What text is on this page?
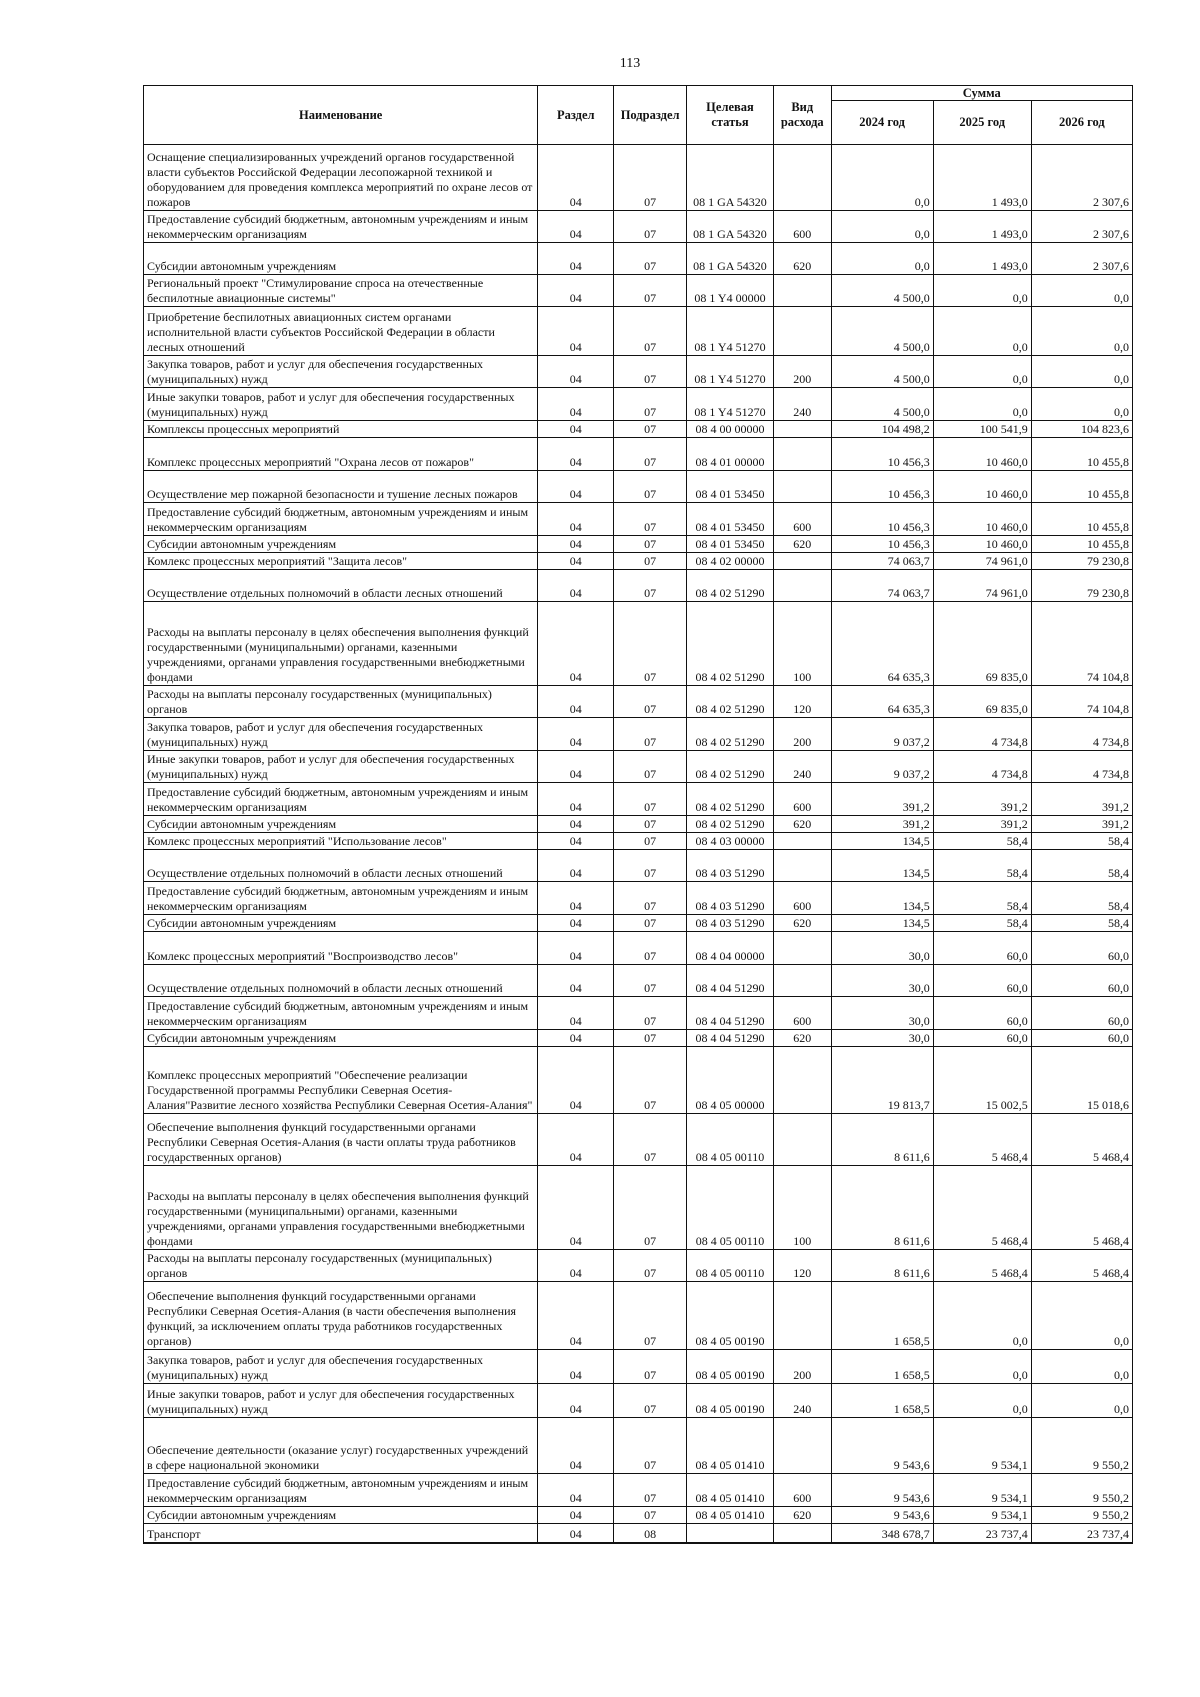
113
Наименование	Раздел	Подраздел	Целевая статья	Вид расхода	Сумма		
					2024 год	2025 год	2026 год
Оснащение специализированных учреждений органов государственной власти субъектов Российской Федерации лесопожарной техникой и оборудованием для проведения комплекса мероприятий по охране лесов от пожаров	04	07	08 1 GA 54320		0,0	1 493,0	2 307,6
Предоставление субсидий бюджетным, автономным учреждениям и иным некоммерческим организациям	04	07	08 1 GA 54320	600	0,0	1 493,0	2 307,6
Субсидии автономным учреждениям	04	07	08 1 GA 54320	620	0,0	1 493,0	2 307,6
Региональный проект "Стимулирование спроса на отечественные беспилотные авиационные системы"	04	07	08 1 Y4 00000		4 500,0	0,0	0,0
Приобретение беспилотных авиационных систем органами исполнительной власти субъектов Российской Федерации в области лесных отношений	04	07	08 1 Y4 51270		4 500,0	0,0	0,0
Закупка товаров, работ и услуг для обеспечения государственных (муниципальных) нужд	04	07	08 1 Y4 51270	200	4 500,0	0,0	0,0
Иные закупки товаров, работ и услуг для обеспечения государственных (муниципальных) нужд	04	07	08 1 Y4 51270	240	4 500,0	0,0	0,0
Комплексы процессных мероприятий	04	07	08 4 00 00000		104 498,2	100 541,9	104 823,6
Комплекс процессных мероприятий "Охрана лесов от пожаров"	04	07	08 4 01 00000		10 456,3	10 460,0	10 455,8
Осуществление мер пожарной безопасности и тушение лесных пожаров	04	07	08 4 01 53450		10 456,3	10 460,0	10 455,8
Предоставление субсидий бюджетным, автономным учреждениям и иным некоммерческим организациям	04	07	08 4 01 53450	600	10 456,3	10 460,0	10 455,8
Субсидии автономным учреждениям	04	07	08 4 01 53450	620	10 456,3	10 460,0	10 455,8
Комлекс процессных мероприятий "Защита лесов"	04	07	08 4 02 00000		74 063,7	74 961,0	79 230,8
Осуществление отдельных полномочий в области лесных отношений	04	07	08 4 02 51290		74 063,7	74 961,0	79 230,8
Расходы на выплаты персоналу в целях обеспечения выполнения функций государственными (муниципальными) органами, казенными учреждениями, органами управления государственными внебюджетными фондами	04	07	08 4 02 51290	100	64 635,3	69 835,0	74 104,8
Расходы на выплаты персоналу государственных (муниципальных) органов	04	07	08 4 02 51290	120	64 635,3	69 835,0	74 104,8
Закупка товаров, работ и услуг для обеспечения государственных (муниципальных) нужд	04	07	08 4 02 51290	200	9 037,2	4 734,8	4 734,8
Иные закупки товаров, работ и услуг для обеспечения государственных (муниципальных) нужд	04	07	08 4 02 51290	240	9 037,2	4 734,8	4 734,8
Предоставление субсидий бюджетным, автономным учреждениям и иным некоммерческим организациям	04	07	08 4 02 51290	600	391,2	391,2	391,2
Субсидии автономным учреждениям	04	07	08 4 02 51290	620	391,2	391,2	391,2
Комлекс процессных мероприятий "Использование лесов"	04	07	08 4 03 00000		134,5	58,4	58,4
Осуществление отдельных полномочий в области лесных отношений	04	07	08 4 03 51290		134,5	58,4	58,4
Предоставление субсидий бюджетным, автономным учреждениям и иным некоммерческим организациям	04	07	08 4 03 51290	600	134,5	58,4	58,4
Субсидии автономным учреждениям	04	07	08 4 03 51290	620	134,5	58,4	58,4
Комлекс процессных мероприятий "Воспроизводство лесов"	04	07	08 4 04 00000		30,0	60,0	60,0
Осуществление отдельных полномочий в области лесных отношений	04	07	08 4 04 51290		30,0	60,0	60,0
Предоставление субсидий бюджетным, автономным учреждениям и иным некоммерческим организациям	04	07	08 4 04 51290	600	30,0	60,0	60,0
Субсидии автономным учреждениям	04	07	08 4 04 51290	620	30,0	60,0	60,0
Комплекс процессных мероприятий "Обеспечение реализации Государственной программы Республики Северная Осетия-Алания"Развитие лесного хозяйства Республики Северная Осетия-Алания"	04	07	08 4 05 00000		19 813,7	15 002,5	15 018,6
Обеспечение выполнения функций государственными органами Республики Северная Осетия-Алания (в части оплаты труда работников государственных органов)	04	07	08 4 05 00110		8 611,6	5 468,4	5 468,4
Расходы на выплаты персоналу в целях обеспечения выполнения функций государственными (муниципальными) органами, казенными учреждениями, органами управления государственными внебюджетными фондами	04	07	08 4 05 00110	100	8 611,6	5 468,4	5 468,4
Расходы на выплаты персоналу государственных (муниципальных) органов	04	07	08 4 05 00110	120	8 611,6	5 468,4	5 468,4
Обеспечение выполнения функций государственными органами Республики Северная Осетия-Алания (в части обеспечения выполнения функций, за исключением оплаты труда работников государственных органов)	04	07	08 4 05 00190		1 658,5	0,0	0,0
Закупка товаров, работ и услуг для обеспечения государственных (муниципальных) нужд	04	07	08 4 05 00190	200	1 658,5	0,0	0,0
Иные закупки товаров, работ и услуг для обеспечения государственных (муниципальных) нужд	04	07	08 4 05 00190	240	1 658,5	0,0	0,0
Обеспечение деятельности (оказание услуг) государственных учреждений в сфере национальной экономики	04	07	08 4 05 01410		9 543,6	9 534,1	9 550,2
Предоставление субсидий бюджетным, автономным учреждениям и иным некоммерческим организациям	04	07	08 4 05 01410	600	9 543,6	9 534,1	9 550,2
Субсидии автономным учреждениям	04	07	08 4 05 01410	620	9 543,6	9 534,1	9 550,2
Транспорт	04	08			348 678,7	23 737,4	23 737,4
